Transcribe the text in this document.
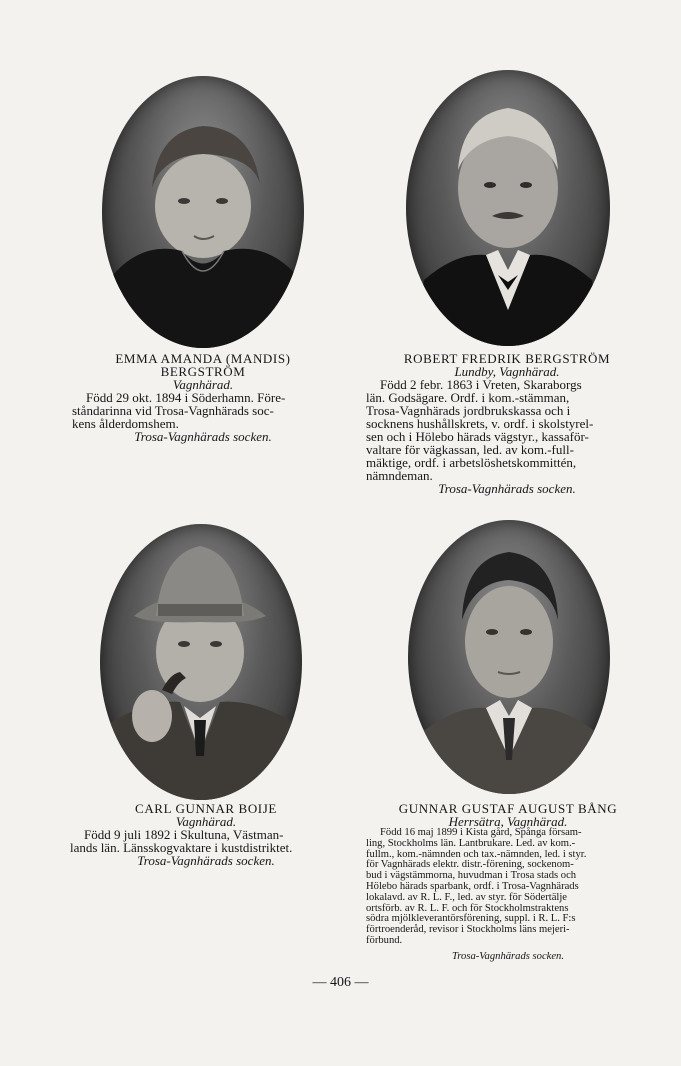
EMMA AMANDA (MANDIS)
BERGSTRÖM
Vagnhärad.
Född 29 okt. 1894 i Söderhamn. Före-
ståndarinna vid Trosa-Vagnhärads soc-
kens ålderdomshem.
Trosa-Vagnhärads socken.
ROBERT FREDRIK BERGSTRÖM
Lundby, Vagnhärad.
Född 2 febr. 1863 i Vreten, Skaraborgs
län. Godsägare. Ordf. i kom.-stämman,
Trosa-Vagnhärads jordbrukskassa och i
socknens hushållskrets, v. ordf. i skolstyrel-
sen och i Hölebo härads vägstyr., kassaför-
valtare för vägkassan, led. av kom.-full-
mäktige, ordf. i arbetslöshetskommittén,
nämndeman.
Trosa-Vagnhärads socken.
CARL GUNNAR BOIJE
Vagnhärad.
Född 9 juli 1892 i Skultuna, Västman-
lands län. Länsskogvaktare i kustdistriktet.
Trosa-Vagnhärads socken.
GUNNAR GUSTAF AUGUST BÅNG
Herrsätra, Vagnhärad.
Född 16 maj 1899 i Kista gård, Spånga försam-
ling, Stockholms län. Lantbrukare. Led. av kom.-
fullm., kom.-nämnden och tax.-nämnden, led. i styr.
för Vagnhärads elektr. distr.-förening, sockenom-
bud i vägstämmorna, huvudman i Trosa stads och
Hölebo härads sparbank, ordf. i Trosa-Vagnhärads
lokalavd. av R. L. F., led. av styr. för Södertälje
ortsförb. av R. L. F. och för Stockholmstraktens
södra mjölkleverantörsförening, suppl. i R. L. F:s
förtroenderåd, revisor i Stockholms läns mejeri-
förbund.
Trosa-Vagnhärads socken.
— 406 —
